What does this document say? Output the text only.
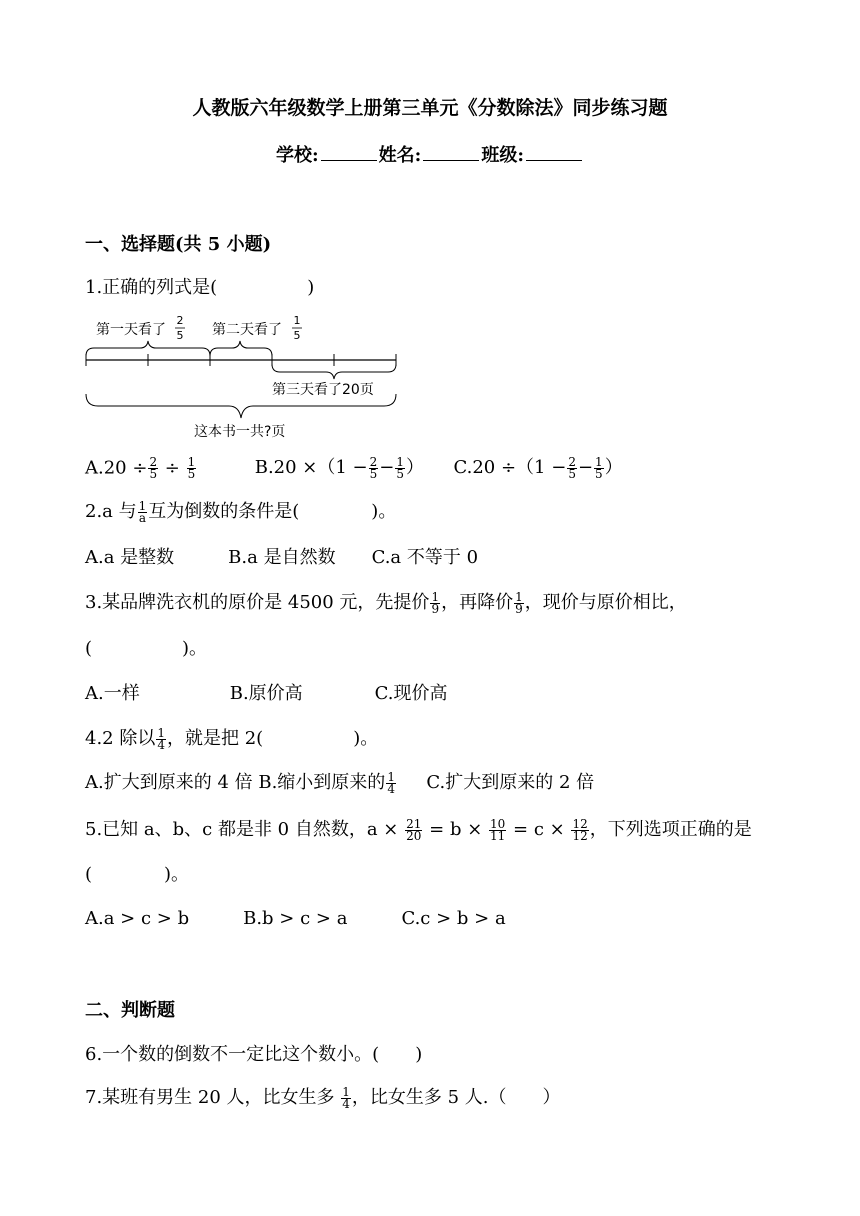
人教版六年级数学上册第三单元《分数除法》同步练习题
学校:	姓名:	班级:
一、选择题(共 5 小题)
1.正确的列式是(　　　　　)
第一天看了
2
5 第二天看了
1
5
第三天看了20页
这本书一共?页
$A.20 \div \frac{2}{5} \div \frac{1}{5}$	$B.20 \times(1 - \frac{2}{5} - \frac{1}{5}$ ） $C.20 \div(1 - \frac{2}{5} - \frac{1}{5}$ ）
2.a 与 $\frac{1}{a}$ 互为倒数的条件是(　　　　)。
A.a 是整数　　　B.a 是自然数　　C.a 不等于 0
3.某品牌洗衣机的原价是 4500 元，先提价 $\frac{1}{9}$ ，再降价 $\frac{1}{9}$ ，现价与原价相比，
(　　　　　)。
A.一样　　　　　B.原价高　　　　C.现价高
4.2 除以 $\frac{1}{4}$ ，就是把 2(　　　　　)。
A.扩大到原来的 4 倍 B.缩小到原来的 $\frac{1}{4} C$.扩大到原来的 2 倍
5.已知 a、b、c 都是非 0 自然数，$a \times \frac{21}{20} = b \times \frac{10}{11} = c \times \frac{12}{12}$ ，下列选项正确的是
(　　　　)。
A.a > c > b　　　B.b > c > a　　　C.c > b > a
二、判断题
6.一个数的倒数不一定比这个数小。(　　)
7.某班有男生 20 人，比女生多 $\frac{1}{4}$ ，比女生多 5 人.（　　）
